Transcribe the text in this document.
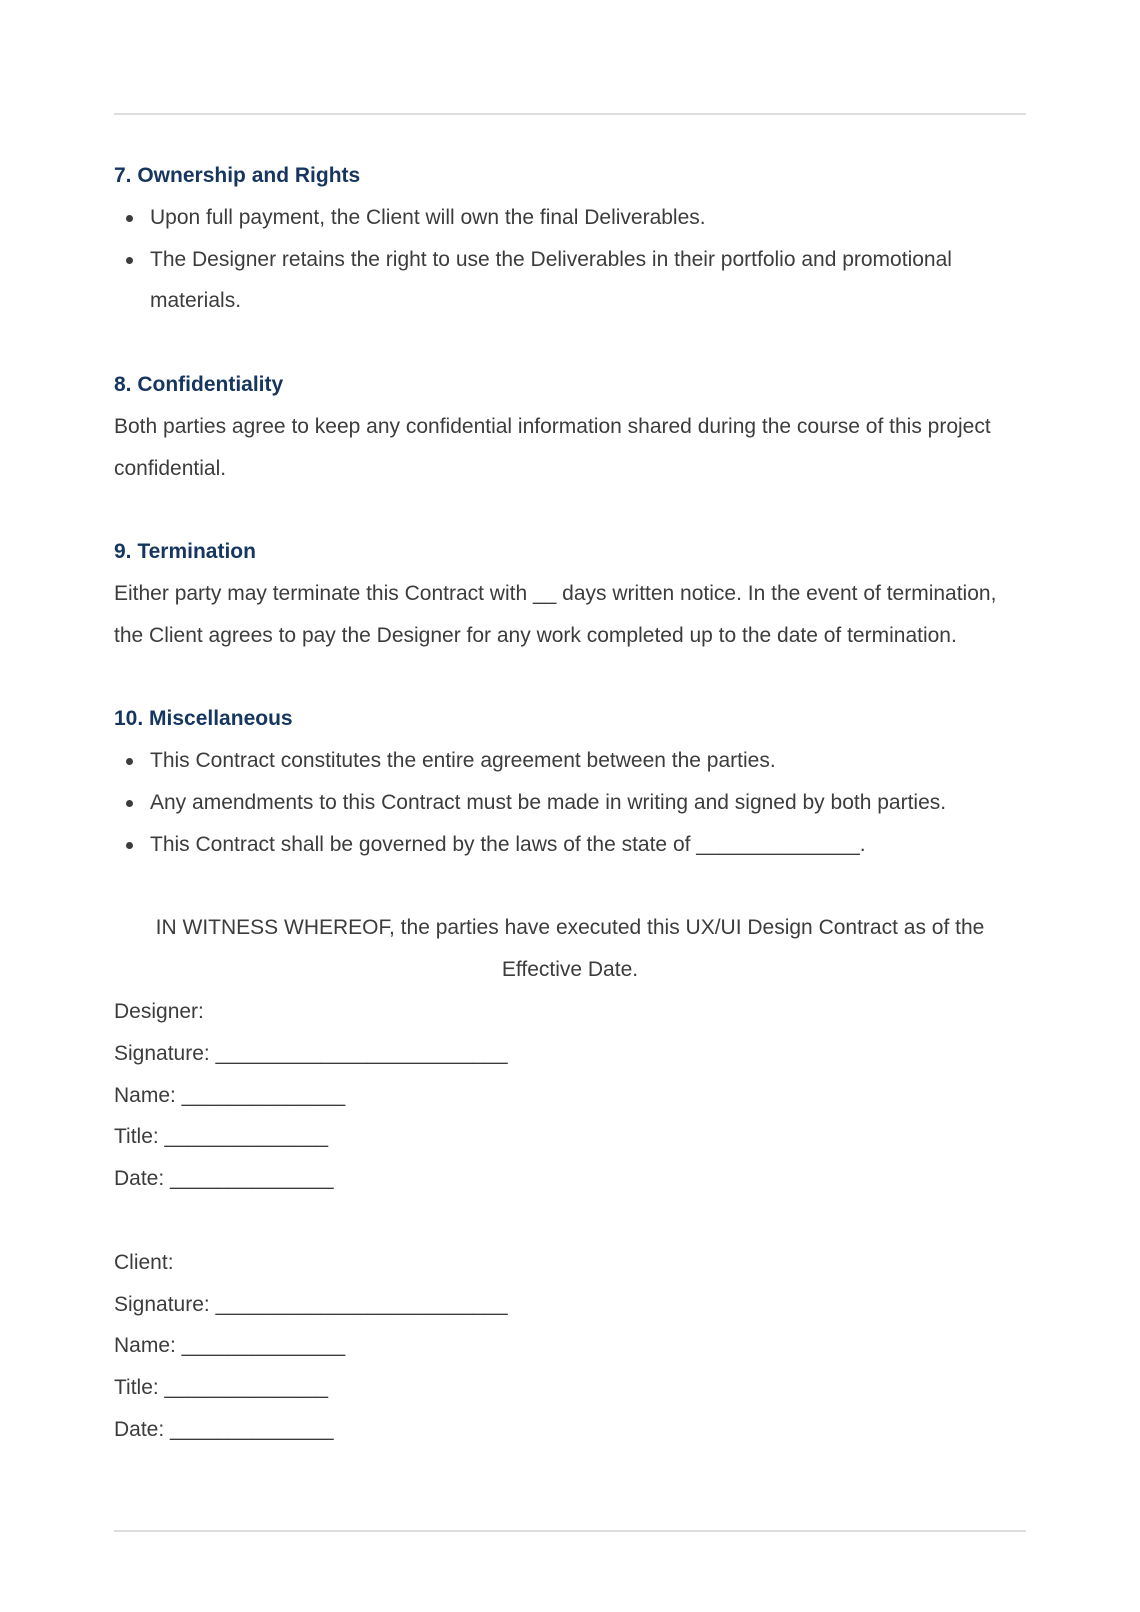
7. Ownership and Rights
Upon full payment, the Client will own the final Deliverables.
The Designer retains the right to use the Deliverables in their portfolio and promotional materials.
8. Confidentiality

Both parties agree to keep any confidential information shared during the course of this project confidential.

9. Termination

Either party may terminate this Contract with __ days written notice. In the event of termination, the Client agrees to pay the Designer for any work completed up to the date of termination.

10. Miscellaneous
This Contract constitutes the entire agreement between the parties.
Any amendments to this Contract must be made in writing and signed by both parties.
This Contract shall be governed by the laws of the state of ______________.

IN WITNESS WHEREOF, the parties have executed this UX/UI Design Contract as of the Effective Date.

Designer:
Signature: _________________________
Name: ______________
Title: ______________
Date: ______________
Client:
Signature: _________________________
Name: ______________
Title: ______________
Date: ______________
